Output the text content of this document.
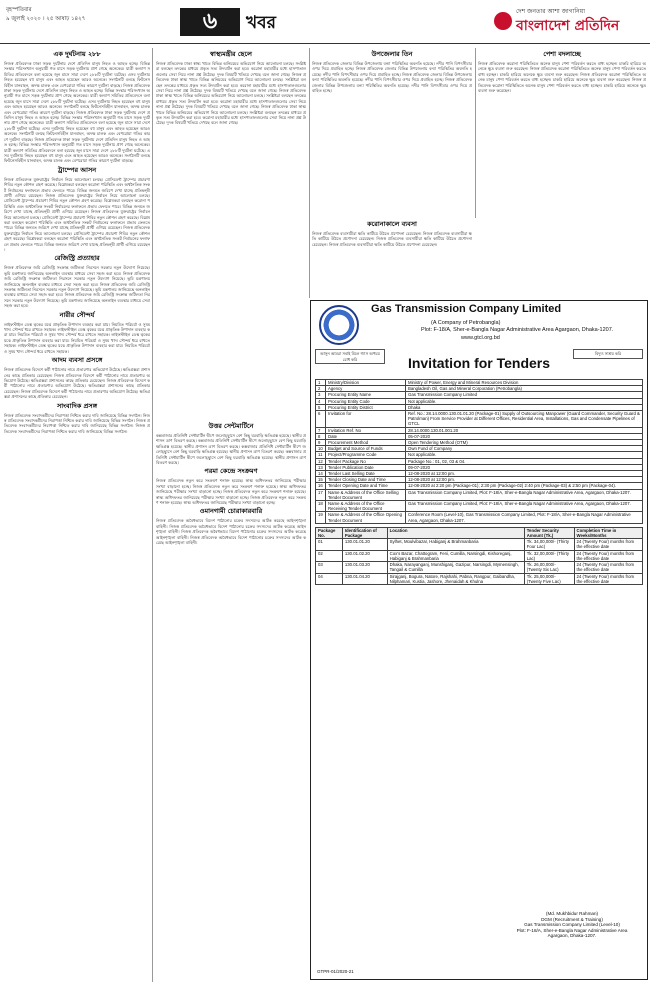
বৃহস্পতিবার
৯ জুলাই ২০২০ । ২৫ আষাঢ় ১৪২৭	৬	খবর
দেশ জনতার আশা জাগানিয়া
বাংলাদেশ প্রতিদিন
এক দুর্ঘটনায় ২৮৮
নিজস্ব প্রতিবেদক ঢাকা সড়ক দুর্ঘটনায় দেশে প্রতিদিন মানুষ নিহত ও আহত হচ্ছে। বিভিন্ন সংস্থার পরিসংখ্যান অনুযায়ী গত মাসে সড়ক দুর্ঘটনায় প্রাণ গেছে অনেকের। যাত্রী কল্যাণ সমিতির প্রতিবেদনে বলা হয়েছে জুন মাসে সারা দেশে ২৮৮টি দুর্ঘটনা ঘটেছে। এসব দুর্ঘটনায় নিহত হয়েছেন বহু মানুষ এবং আহত হয়েছেন আরও অনেকে। সংগঠনটি বলছে ফিটনেসবিহীন যানবাহন, অদক্ষ চালক এবং বেপরোয়া গতির কারণে দুর্ঘটনা বাড়ছে। নিজস্ব প্রতিবেদক ঢাকা সড়ক দুর্ঘটনায় দেশে প্রতিদিন মানুষ নিহত ও আহত হচ্ছে। বিভিন্ন সংস্থার পরিসংখ্যান অনুযায়ী গত মাসে সড়ক দুর্ঘটনায় প্রাণ গেছে অনেকের। যাত্রী কল্যাণ সমিতির প্রতিবেদনে বলা হয়েছে জুন মাসে সারা দেশে ২৮৮টি দুর্ঘটনা ঘটেছে। এসব দুর্ঘটনায় নিহত হয়েছেন বহু মানুষ এবং আহত হয়েছেন আরও অনেকে। সংগঠনটি বলছে ফিটনেসবিহীন যানবাহন, অদক্ষ চালক এবং বেপরোয়া গতির কারণে দুর্ঘটনা বাড়ছে। নিজস্ব প্রতিবেদক ঢাকা সড়ক দুর্ঘটনায় দেশে প্রতিদিন মানুষ নিহত ও আহত হচ্ছে। বিভিন্ন সংস্থার পরিসংখ্যান অনুযায়ী গত মাসে সড়ক দুর্ঘটনায় প্রাণ গেছে অনেকের। যাত্রী কল্যাণ সমিতির প্রতিবেদনে বলা হয়েছে জুন মাসে সারা দেশে ২৮৮টি দুর্ঘটনা ঘটেছে। এসব দুর্ঘটনায় নিহত হয়েছেন বহু মানুষ এবং আহত হয়েছেন আরও অনেকে। সংগঠনটি বলছে ফিটনেসবিহীন যানবাহন, অদক্ষ চালক এবং বেপরোয়া গতির কারণে দুর্ঘটনা বাড়ছে। নিজস্ব প্রতিবেদক ঢাকা সড়ক দুর্ঘটনায় দেশে প্রতিদিন মানুষ নিহত ও আহত হচ্ছে। বিভিন্ন সংস্থার পরিসংখ্যান অনুযায়ী গত মাসে সড়ক দুর্ঘটনায় প্রাণ গেছে অনেকের। যাত্রী কল্যাণ সমিতির প্রতিবেদনে বলা হয়েছে জুন মাসে সারা দেশে ২৮৮টি দুর্ঘটনা ঘটেছে। এসব দুর্ঘটনায় নিহত হয়েছেন বহু মানুষ এবং আহত হয়েছেন আরও অনেকে। সংগঠনটি বলছে ফিটনেসবিহীন যানবাহন, অদক্ষ চালক এবং বেপরোয়া গতির কারণে দুর্ঘটনা বাড়ছে।
ট্রাম্পের আসন
নিজস্ব প্রতিবেদক যুক্তরাষ্ট্রের নির্বাচন নিয়ে আলোচনা চলছে। প্রেসিডেন্ট ট্রাম্পের প্রচারণা শিবির নতুন কৌশল গ্রহণ করেছে। বিশ্লেষকরা বলছেন করোনা পরিস্থিতি এবং অর্থনৈতিক সংকট নির্বাচনের ফলাফলে প্রভাব ফেলতে পারে। বিভিন্ন জনমত জরিপে দেখা যাচ্ছে প্রতিদ্বন্দ্বী প্রার্থী এগিয়ে রয়েছেন। নিজস্ব প্রতিবেদক যুক্তরাষ্ট্রের নির্বাচন নিয়ে আলোচনা চলছে। প্রেসিডেন্ট ট্রাম্পের প্রচারণা শিবির নতুন কৌশল গ্রহণ করেছে। বিশ্লেষকরা বলছেন করোনা পরিস্থিতি এবং অর্থনৈতিক সংকট নির্বাচনের ফলাফলে প্রভাব ফেলতে পারে। বিভিন্ন জনমত জরিপে দেখা যাচ্ছে প্রতিদ্বন্দ্বী প্রার্থী এগিয়ে রয়েছেন। নিজস্ব প্রতিবেদক যুক্তরাষ্ট্রের নির্বাচন নিয়ে আলোচনা চলছে। প্রেসিডেন্ট ট্রাম্পের প্রচারণা শিবির নতুন কৌশল গ্রহণ করেছে। বিশ্লেষকরা বলছেন করোনা পরিস্থিতি এবং অর্থনৈতিক সংকট নির্বাচনের ফলাফলে প্রভাব ফেলতে পারে। বিভিন্ন জনমত জরিপে দেখা যাচ্ছে প্রতিদ্বন্দ্বী প্রার্থী এগিয়ে রয়েছেন। নিজস্ব প্রতিবেদক যুক্তরাষ্ট্রের নির্বাচন নিয়ে আলোচনা চলছে। প্রেসিডেন্ট ট্রাম্পের প্রচারণা শিবির নতুন কৌশল গ্রহণ করেছে। বিশ্লেষকরা বলছেন করোনা পরিস্থিতি এবং অর্থনৈতিক সংকট নির্বাচনের ফলাফলে প্রভাব ফেলতে পারে। বিভিন্ন জনমত জরিপে দেখা যাচ্ছে প্রতিদ্বন্দ্বী প্রার্থী এগিয়ে রয়েছেন।
রেজিস্ট্রি প্রত্যাহার
নিজস্ব প্রতিবেদক জমি রেজিস্ট্রি সংক্রান্ত জটিলতা নিরসনে সরকার নতুন উদ্যোগ নিয়েছে। ভূমি মন্ত্রণালয় জানিয়েছে অনলাইন ব্যবস্থার মাধ্যমে সেবা সহজ করা হবে। নিজস্ব প্রতিবেদক জমি রেজিস্ট্রি সংক্রান্ত জটিলতা নিরসনে সরকার নতুন উদ্যোগ নিয়েছে। ভূমি মন্ত্রণালয় জানিয়েছে অনলাইন ব্যবস্থার মাধ্যমে সেবা সহজ করা হবে। নিজস্ব প্রতিবেদক জমি রেজিস্ট্রি সংক্রান্ত জটিলতা নিরসনে সরকার নতুন উদ্যোগ নিয়েছে। ভূমি মন্ত্রণালয় জানিয়েছে অনলাইন ব্যবস্থার মাধ্যমে সেবা সহজ করা হবে। নিজস্ব প্রতিবেদক জমি রেজিস্ট্রি সংক্রান্ত জটিলতা নিরসনে সরকার নতুন উদ্যোগ নিয়েছে। ভূমি মন্ত্রণালয় জানিয়েছে অনলাইন ব্যবস্থার মাধ্যমে সেবা সহজ করা হবে।
নারীর সৌন্দর্য
লাইফস্টাইল ডেস্ক ত্বকের যত্নে প্রাকৃতিক উপাদান ব্যবহার করা যায়। নিয়মিত পরিচর্যা ও সুষম খাদ্য সৌন্দর্য ধরে রাখতে সহায়ক। লাইফস্টাইল ডেস্ক ত্বকের যত্নে প্রাকৃতিক উপাদান ব্যবহার করা যায়। নিয়মিত পরিচর্যা ও সুষম খাদ্য সৌন্দর্য ধরে রাখতে সহায়ক। লাইফস্টাইল ডেস্ক ত্বকের যত্নে প্রাকৃতিক উপাদান ব্যবহার করা যায়। নিয়মিত পরিচর্যা ও সুষম খাদ্য সৌন্দর্য ধরে রাখতে সহায়ক। লাইফস্টাইল ডেস্ক ত্বকের যত্নে প্রাকৃতিক উপাদান ব্যবহার করা যায়। নিয়মিত পরিচর্যা ও সুষম খাদ্য সৌন্দর্য ধরে রাখতে সহায়ক।
আদম ব্যবসা প্রসঙ্গে
নিজস্ব প্রতিবেদক বিদেশে কর্মী পাঠানোর নামে প্রতারণার অভিযোগ উঠেছে। ক্ষতিগ্রস্তরা প্রশাসনের কাছে প্রতিকার চেয়েছেন। নিজস্ব প্রতিবেদক বিদেশে কর্মী পাঠানোর নামে প্রতারণার অভিযোগ উঠেছে। ক্ষতিগ্রস্তরা প্রশাসনের কাছে প্রতিকার চেয়েছেন। নিজস্ব প্রতিবেদক বিদেশে কর্মী পাঠানোর নামে প্রতারণার অভিযোগ উঠেছে। ক্ষতিগ্রস্তরা প্রশাসনের কাছে প্রতিকার চেয়েছেন। নিজস্ব প্রতিবেদক বিদেশে কর্মী পাঠানোর নামে প্রতারণার অভিযোগ উঠেছে। ক্ষতিগ্রস্তরা প্রশাসনের কাছে প্রতিকার চেয়েছেন।
সাংবাদিক প্রসঙ্গ
নিজস্ব প্রতিবেদক সংবাদকর্মীদের নিরাপত্তা নিশ্চিত করার দাবি জানিয়েছে বিভিন্ন সংগঠন। নিজস্ব প্রতিবেদক সংবাদকর্মীদের নিরাপত্তা নিশ্চিত করার দাবি জানিয়েছে বিভিন্ন সংগঠন। নিজস্ব প্রতিবেদক সংবাদকর্মীদের নিরাপত্তা নিশ্চিত করার দাবি জানিয়েছে বিভিন্ন সংগঠন। নিজস্ব প্রতিবেদক সংবাদকর্মীদের নিরাপত্তা নিশ্চিত করার দাবি জানিয়েছে বিভিন্ন সংগঠন।
স্বাস্থ্যমন্ত্রীর ছেলে
নিজস্ব প্রতিবেদক ঢাকা স্বাস্থ্য খাতে বিভিন্ন অনিয়মের অভিযোগ নিয়ে আলোচনা চলছে। সংশ্লিষ্টরা বলছেন তদন্তের মাধ্যমে প্রকৃত সত্য উদঘাটন করা হবে। করোনা মহামারীর মধ্যে হাসপাতালগুলোর সেবা নিয়ে নানা প্রশ্ন উঠেছে। দুদক বিষয়টি খতিয়ে দেখছে বলে জানা গেছে। নিজস্ব প্রতিবেদক ঢাকা স্বাস্থ্য খাতে বিভিন্ন অনিয়মের অভিযোগ নিয়ে আলোচনা চলছে। সংশ্লিষ্টরা বলছেন তদন্তের মাধ্যমে প্রকৃত সত্য উদঘাটন করা হবে। করোনা মহামারীর মধ্যে হাসপাতালগুলোর সেবা নিয়ে নানা প্রশ্ন উঠেছে। দুদক বিষয়টি খতিয়ে দেখছে বলে জানা গেছে। নিজস্ব প্রতিবেদক ঢাকা স্বাস্থ্য খাতে বিভিন্ন অনিয়মের অভিযোগ নিয়ে আলোচনা চলছে। সংশ্লিষ্টরা বলছেন তদন্তের মাধ্যমে প্রকৃত সত্য উদঘাটন করা হবে। করোনা মহামারীর মধ্যে হাসপাতালগুলোর সেবা নিয়ে নানা প্রশ্ন উঠেছে। দুদক বিষয়টি খতিয়ে দেখছে বলে জানা গেছে। নিজস্ব প্রতিবেদক ঢাকা স্বাস্থ্য খাতে বিভিন্ন অনিয়মের অভিযোগ নিয়ে আলোচনা চলছে। সংশ্লিষ্টরা বলছেন তদন্তের মাধ্যমে প্রকৃত সত্য উদঘাটন করা হবে। করোনা মহামারীর মধ্যে হাসপাতালগুলোর সেবা নিয়ে নানা প্রশ্ন উঠেছে। দুদক বিষয়টি খতিয়ে দেখছে বলে জানা গেছে।
উত্তর সেন্টমার্টিনে
কক্সবাজার প্রতিনিধি সেন্টমার্টিন দ্বীপে জলোচ্ছ্বাসে বেশ কিছু ঘরবাড়ি ক্ষতিগ্রস্ত হয়েছে। স্থানীয় প্রশাসন ত্রাণ বিতরণ করছে। কক্সবাজার প্রতিনিধি সেন্টমার্টিন দ্বীপে জলোচ্ছ্বাসে বেশ কিছু ঘরবাড়ি ক্ষতিগ্রস্ত হয়েছে। স্থানীয় প্রশাসন ত্রাণ বিতরণ করছে। কক্সবাজার প্রতিনিধি সেন্টমার্টিন দ্বীপে জলোচ্ছ্বাসে বেশ কিছু ঘরবাড়ি ক্ষতিগ্রস্ত হয়েছে। স্থানীয় প্রশাসন ত্রাণ বিতরণ করছে। কক্সবাজার প্রতিনিধি সেন্টমার্টিন দ্বীপে জলোচ্ছ্বাসে বেশ কিছু ঘরবাড়ি ক্ষতিগ্রস্ত হয়েছে। স্থানীয় প্রশাসন ত্রাণ বিতরণ করছে।
পরমা কেন্দ্রে সংক্রমণ
নিজস্ব প্রতিবেদক নতুন করে সংক্রমণ শনাক্ত হয়েছে। স্বাস্থ্য অধিদফতর জানিয়েছে পরীক্ষার সংখ্যা বাড়ানো হচ্ছে। নিজস্ব প্রতিবেদক নতুন করে সংক্রমণ শনাক্ত হয়েছে। স্বাস্থ্য অধিদফতর জানিয়েছে পরীক্ষার সংখ্যা বাড়ানো হচ্ছে। নিজস্ব প্রতিবেদক নতুন করে সংক্রমণ শনাক্ত হয়েছে। স্বাস্থ্য অধিদফতর জানিয়েছে পরীক্ষার সংখ্যা বাড়ানো হচ্ছে। নিজস্ব প্রতিবেদক নতুন করে সংক্রমণ শনাক্ত হয়েছে। স্বাস্থ্য অধিদফতর জানিয়েছে পরীক্ষার সংখ্যা বাড়ানো হচ্ছে।
ওমানগামী চোরাকারবারি
নিজস্ব প্রতিবেদক অবৈধভাবে বিদেশ পাঠানোর চক্রের সদস্যদের আটক করেছে আইনশৃঙ্খলা বাহিনী। নিজস্ব প্রতিবেদক অবৈধভাবে বিদেশ পাঠানোর চক্রের সদস্যদের আটক করেছে আইনশৃঙ্খলা বাহিনী। নিজস্ব প্রতিবেদক অবৈধভাবে বিদেশ পাঠানোর চক্রের সদস্যদের আটক করেছে আইনশৃঙ্খলা বাহিনী। নিজস্ব প্রতিবেদক অবৈধভাবে বিদেশ পাঠানোর চক্রের সদস্যদের আটক করেছে আইনশৃঙ্খলা বাহিনী।
উপজেলার তিন
নিজস্ব প্রতিবেদক জেলার বিভিন্ন উপজেলায় বন্যা পরিস্থিতির অবনতি হয়েছে। নদীর পানি বিপৎসীমার ওপর দিয়ে প্রবাহিত হচ্ছে। নিজস্ব প্রতিবেদক জেলার বিভিন্ন উপজেলায় বন্যা পরিস্থিতির অবনতি হয়েছে। নদীর পানি বিপৎসীমার ওপর দিয়ে প্রবাহিত হচ্ছে। নিজস্ব প্রতিবেদক জেলার বিভিন্ন উপজেলায় বন্যা পরিস্থিতির অবনতি হয়েছে। নদীর পানি বিপৎসীমার ওপর দিয়ে প্রবাহিত হচ্ছে। নিজস্ব প্রতিবেদক জেলার বিভিন্ন উপজেলায় বন্যা পরিস্থিতির অবনতি হয়েছে। নদীর পানি বিপৎসীমার ওপর দিয়ে প্রবাহিত হচ্ছে।
করোনাকালে ব্যবসা
নিজস্ব প্রতিবেদক ব্যবসায়ীরা ক্ষতি কাটিয়ে উঠতে প্রণোদনা চেয়েছেন। নিজস্ব প্রতিবেদক ব্যবসায়ীরা ক্ষতি কাটিয়ে উঠতে প্রণোদনা চেয়েছেন। নিজস্ব প্রতিবেদক ব্যবসায়ীরা ক্ষতি কাটিয়ে উঠতে প্রণোদনা চেয়েছেন। নিজস্ব প্রতিবেদক ব্যবসায়ীরা ক্ষতি কাটিয়ে উঠতে প্রণোদনা চেয়েছেন।
পেশা বদলাচ্ছে
নিজস্ব প্রতিবেদক করোনা পরিস্থিতিতে অনেক মানুষ পেশা পরিবর্তন করতে বাধ্য হচ্ছেন। চাকরি হারিয়ে অনেকে ক্ষুদ্র ব্যবসা শুরু করেছেন। নিজস্ব প্রতিবেদক করোনা পরিস্থিতিতে অনেক মানুষ পেশা পরিবর্তন করতে বাধ্য হচ্ছেন। চাকরি হারিয়ে অনেকে ক্ষুদ্র ব্যবসা শুরু করেছেন। নিজস্ব প্রতিবেদক করোনা পরিস্থিতিতে অনেক মানুষ পেশা পরিবর্তন করতে বাধ্য হচ্ছেন। চাকরি হারিয়ে অনেকে ক্ষুদ্র ব্যবসা শুরু করেছেন। নিজস্ব প্রতিবেদক করোনা পরিস্থিতিতে অনেক মানুষ পেশা পরিবর্তন করতে বাধ্য হচ্ছেন। চাকরি হারিয়ে অনেকে ক্ষুদ্র ব্যবসা শুরু করেছেন।
Gas Transmission Company Limited
(A Company of Petrobangla)
Plot: F-18/A, Sher-e-Bangla Nagar Administrative Area Agargaon, Dhaka-1207.
www.gtcl.org.bd
আসুন আমরা সবাই মিলে গ্যাস অপচয় রোধ করি
বিদ্যুৎ সাশ্রয় করি
Invitation for Tenders
1	Ministry/Division	Ministry of Power, Energy and Mineral Resources Division
2	Agency	Bangladesh Oil, Gas and Mineral Corporation (Petrobangla)
3	Procuring Entity Name	Gas Transmission Company Limited
4	Procuring Entity Code	Not applicable.
5	Procuring Entity District	Dhaka
6	Invitation for	Ref. No.: 28.14.0000.130.01.01.20 (Package-01) Supply of Outsourcing Manpower (Guard Commander, Security Guard & Patrolman) From Service Provider at Different Offices, Residential Area, Installations, Gas and Condensate Pipelines of GTCL
7	Invitation Ref. No	28.14.0000.130.01.001.20
8	Date	05-07-2020
9	Procurement Method	Open Tendering Method (OTM)
10	Budget and Source of Funds	Own Fund of Company
11	Project/Programme Code	Not applicable.
12	Tender Package No	Package No.: 01, 02, 03 & 04.
13	Tender Publication Date	09-07-2020
14	Tender Last Selling Date	12-08-2020 at 12:00 pm.
15	Tender Closing Date and Time	12-08-2020 at 12:00 pm.
16	Tender Opening Date and Time	12-08-2020 at 2:20 pm (Package-01); 2:30 pm (Package-02) 2:40 pm (Package-03) & 2:50 pm (Package-04).
17	Name & Address of the Office Selling Tender Document	Gas Transmission Company Limited, Plot: F-18/A, Sher-e-Bangla Nagar Administrative Area, Agargaon, Dhaka-1207.
18	Name & Address of the Office Receiving Tender Document	Gas Transmission Company Limited, Plot: F-18/A, Sher-e-Bangla Nagar Administrative Area, Agargaon, Dhaka-1207.
19	Name & Address of the Office Opening Tender Document	Conference Room (Level-10), Gas Transmission Company Limited, Plot: F-18/A, Sher-e-Bangla Nagar Administrative Area, Agargaon, Dhaka-1207.
Package No.	Identification of Package	Location	Tender Security Amount (Tk.)	Completion Time in Weeks/Months
01	130.01.01.20	Sylhet, Moulvibazar, Habiganj & Brahmanbaria	Tk. 34,00,000/- (Thirty Four Lac)	24 (Twenty Four) months from the effective date
02	130.01.02.20	Cox's Bazar, Chattogram, Feni, Cumilla, Narsingdi, Kishoreganj, Habiganj & Brahmanbaria	Tk. 32,00,000/- (Thirty Lac)	24 (Twenty Four) months from the effective date
03	130.01.03.20	Dhaka, Narayanganj, Munshiganj, Gazipur, Narsingdi, Mymensingh, Tangail & Cumilla	Tk. 26,00,000/- (Twenty Six Lac)	24 (Twenty Four) months from the effective date
04	130.01.04.20	Sirajganj, Bogura, Natore, Rajshahi, Pabna, Rangpur, Gaibandha, Nilphamari, Kustia, Jashore, Jhenaidah & Khulna	Tk. 25,00,000/- (Twenty Five Lac)	24 (Twenty Four) months from the effective date
(Md. Mukhbidur Rahman)
DGM (Recruitment & Training)
Gas Transmission Company Limited (Level-10)
Plot: F-18/A, Sher-e-Bangla Nagar Administrative Area
Agargaon, Dhaka-1207.
GTPR-01/2020-21
